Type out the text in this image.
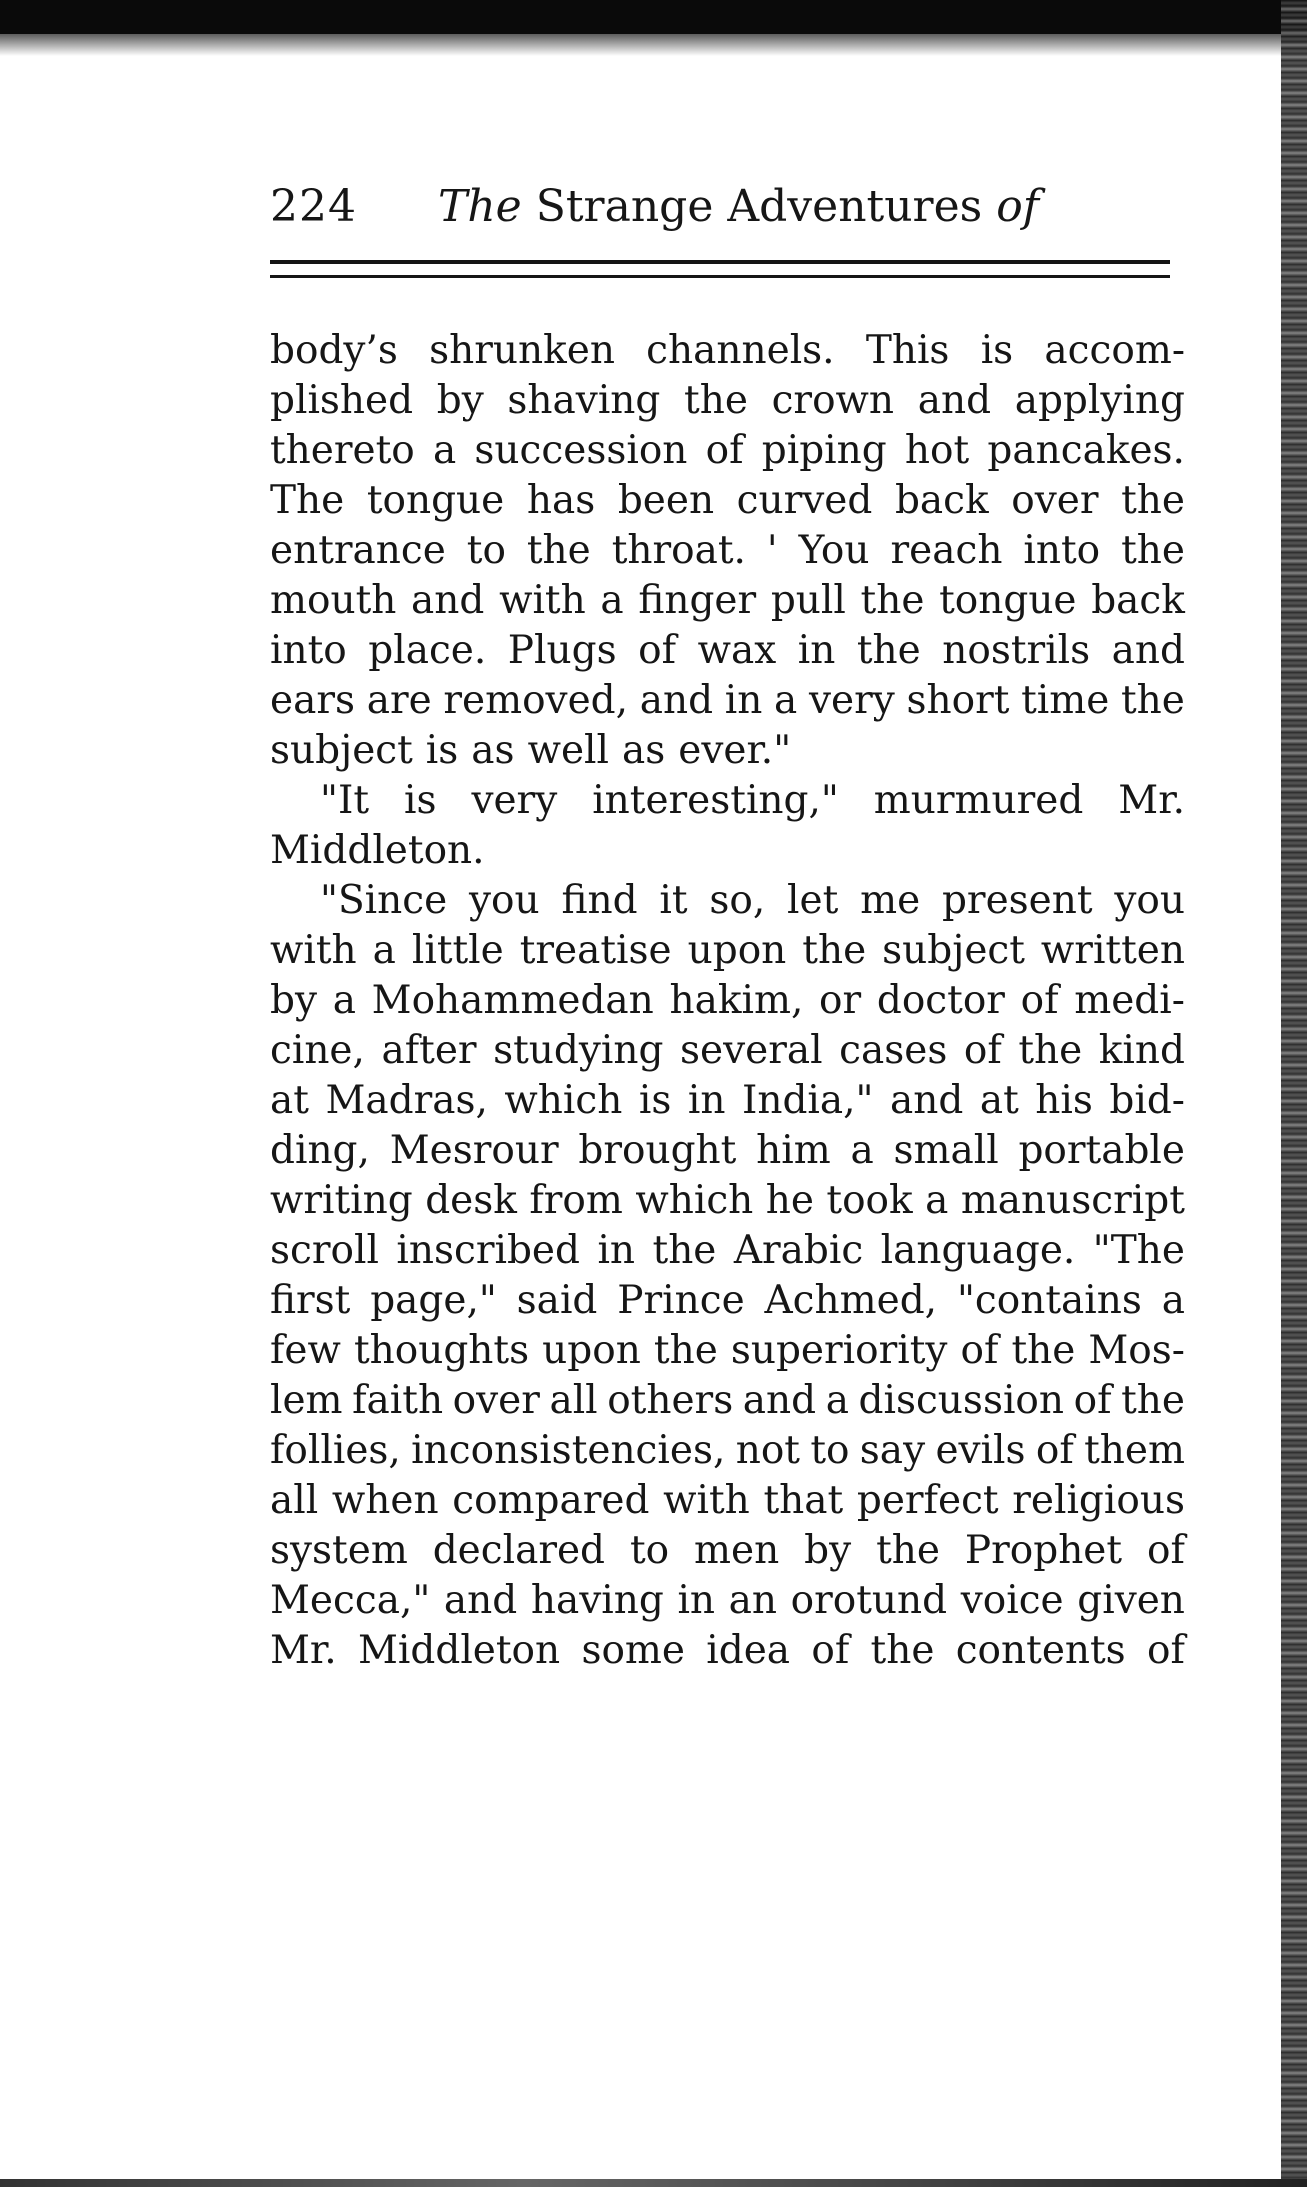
224 The Strange Adventures of
body’s shrunken channels. This is accom-
plished by shaving the crown and applying
thereto a succession of piping hot pancakes.
The tongue has been curved back over the
entrance to the throat. ' You reach into the
mouth and with a finger pull the tongue back
into place. Plugs of wax in the nostrils and
ears are removed, and in a very short time the
subject is as well as ever."
"It is very interesting," murmured Mr.
Middleton.
"Since you find it so, let me present you
with a little treatise upon the subject written
by a Mohammedan hakim, or doctor of medi-
cine, after studying several cases of the kind
at Madras, which is in India," and at his bid-
ding, Mesrour brought him a small portable
writing desk from which he took a manuscript
scroll inscribed in the Arabic language. "The
first page," said Prince Achmed, "contains a
few thoughts upon the superiority of the Mos-
lem faith over all others and a discussion of the
follies, inconsistencies, not to say evils of them
all when compared with that perfect religious
system declared to men by the Prophet of
Mecca," and having in an orotund voice given
Mr. Middleton some idea of the contents of
